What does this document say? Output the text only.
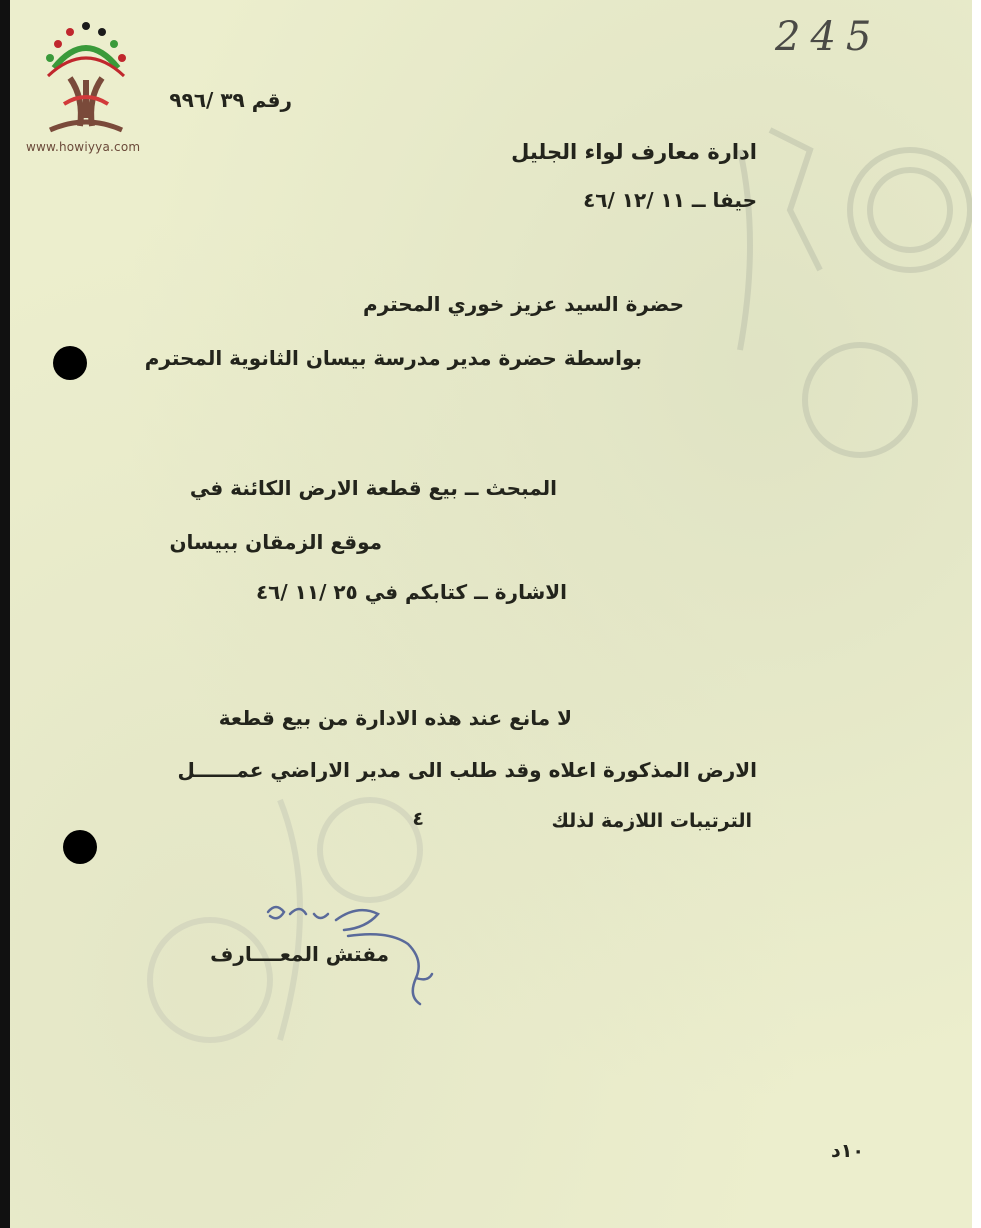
245
www.howiyya.com
رقم ٣٩ /٩٩٦
ادارة معارف لواء الجليل
حيفا ــ ١١ /١٢ /٤٦
حضرة السيد عزيز خوري المحترم
بواسطة حضرة مدير مدرسة بيسان الثانوية المحترم
المبحث ــ بيع قطعة الارض الكائنة في
موقع الزمقان ببيسان
الاشارة ــ كتابكم في ٢٥ /١١ /٤٦
لا مانع عند هذه الادارة من بيع قطعة
الارض المذكورة اعلاه وقد طلب الى مدير الاراضي عمــــــل
الترتيبات اللازمة لذلك
٤
مفتش المعــــارف
١٠د
